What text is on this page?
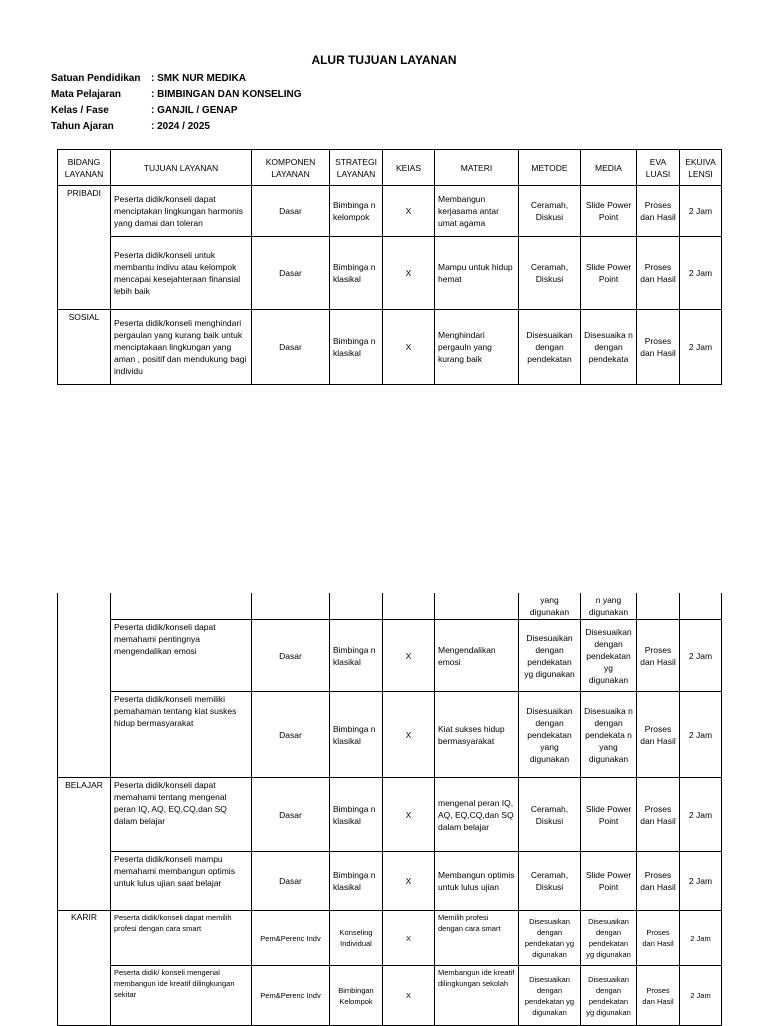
ALUR TUJUAN LAYANAN
Satuan Pendidikan : SMK NUR MEDIKA
Mata Pelajaran	: BIMBINGAN DAN KONSELING
Kelas / Fase	: GANJIL / GENAP
Tahun Ajaran	: 2024 / 2025
BIDANG LAYANAN	TUJUAN LAYANAN	KOMPONEN LAYANAN	STRATEGI LAYANAN	KEIAS	MATERI	METODE	MEDIA	EVA LUASI	EKUIVA LENSI
PRIBADI	Peserta didik/konseli dapat menciptakan lingkungan harmonis yang damai dan toleran	Dasar	Bimbinga n kelompok	X	Membangun kerjasama antar umat agama	Ceramah, Diskusi	Slide Power Point	Proses dan Hasil	2 Jam
	Peserta didik/konseli untuk membantu indivu atau kelompok mencapai kesejahteraan finansial lebih baik	Dasar	Bimbinga n klasikal	X	Mampu untuk hidup hemat	Ceramah, Diskusi	Slide Power Point	Proses dan Hasil	2 Jam
SOSIAL	Peserta didik/konseli menghindari pergaulan yang kurang baik untuk menciptakaan lingkungan yang aman , positif dan mendukung bagi individu	Dasar	Bimbinga n klasikal	X	Menghindari pergauln yang kurang baik	Disesuaikan dengan pendekatan	Disesuaika n dengan pendekata	Proses dan Hasil	2 Jam
						yang digunakan	n yang digunakan		
	Peserta didik/konseli dapat memahami pentingnya mengendalikan emosi	Dasar	Bimbinga n klasikal	X	Mengendalikan emosi	Disesuaikan dengan pendekatan yg digunakan	Disesuaikan dengan pendekatan yg digunakan	Proses dan Hasil	2 Jam
	Peserta didik/konseli memiliki pemahaman tentang kiat suskes hidup bermasyarakat	Dasar	Bimbinga n klasikal	X	Kiat sukses hidup bermasyarakat	Disesuaikan dengan pendekatan yang digunakan	Disesuaika n dengan pendekata n yang digunakan	Proses dan Hasil	2 Jam
BELAJAR	Peserta didik/konseli dapat memahami tentang mengenal peran IQ, AQ, EQ,CQ,dan SQ dalam belajar	Dasar	Bimbinga n klasikal	X	mengenal peran IQ, AQ, EQ,CQ,dan SQ dalam belajar	Ceramah, Diskusi	Slide Power Point	Proses dan Hasil	2 Jam
	Peserta didik/konseli mampu memahami membangun optimis untuk lulus ujian saat belajar	Dasar	Bimbinga n klasikal	X	Membangun optimis untuk lulus ujian	Ceramah, Diskusi	Slide Power Point	Proses dan Hasil	2 Jam
KARIR	Peserta didik/konseli dapat memilih profesi dengan cara smart	Pem&Perenc Indv	Konseling Individual	X	Memilih profesi dengan cara smart	Disesuaikan dengan pendekatan yg digunakan	Disesuaikan dengan pendekatan yg digunakan	Proses dan Hasil	2 Jam
	Peserta didik/ konseli mengenal membangun ide kreatif dilingkungan sekitar	Pem&Perenc Indv	Bimbingan Kelompok	X	Membangun ide kreatif dilingkungan sekolah	Disesuaikan dengan pendekatan yg digunakan	Disesuaikan dengan pendekatan yg digunakan	Proses dan Hasil	2 Jam
